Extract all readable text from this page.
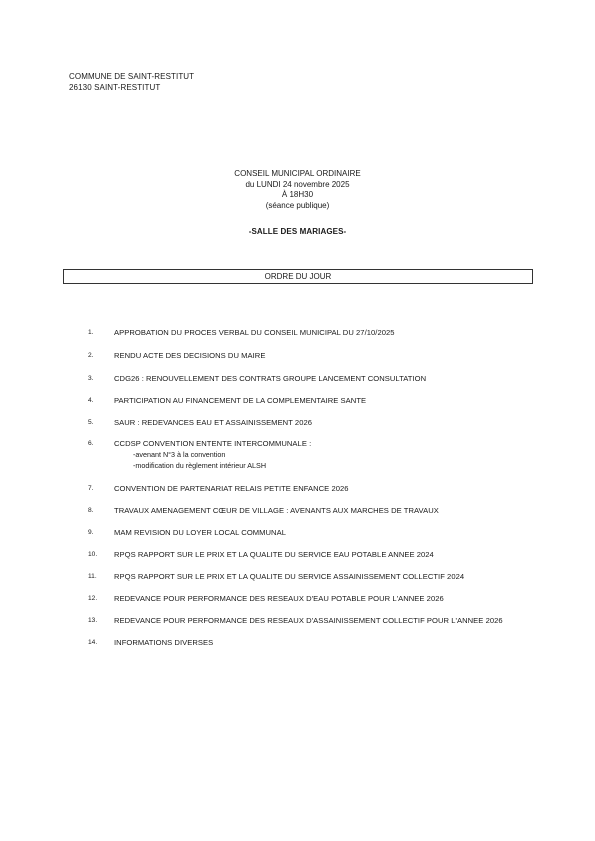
COMMUNE DE SAINT-RESTITUT
26130 SAINT-RESTITUT
CONSEIL MUNICIPAL ORDINAIRE
du LUNDI 24 novembre 2025
À 18H30
(séance publique)
-SALLE DES MARIAGES-
ORDRE DU JOUR
1.	APPROBATION DU PROCES VERBAL DU CONSEIL MUNICIPAL DU 27/10/2025
2.	RENDU ACTE DES DECISIONS DU MAIRE
3.	CDG26 : RENOUVELLEMENT DES CONTRATS GROUPE LANCEMENT CONSULTATION
4.	PARTICIPATION AU FINANCEMENT DE LA COMPLEMENTAIRE SANTE
5.	SAUR : REDEVANCES EAU ET ASSAINISSEMENT 2026
6.	CCDSP CONVENTION ENTENTE INTERCOMMUNALE :
-avenant N°3 à la convention
-modification du règlement intérieur ALSH
7.	CONVENTION DE PARTENARIAT RELAIS PETITE ENFANCE 2026
8.	TRAVAUX AMENAGEMENT CŒUR DE VILLAGE : AVENANTS AUX MARCHES DE TRAVAUX
9.	MAM REVISION DU LOYER LOCAL COMMUNAL
10.	RPQS RAPPORT SUR LE PRIX ET LA QUALITE DU SERVICE EAU POTABLE ANNEE 2024
11.	RPQS RAPPORT SUR LE PRIX ET LA QUALITE DU SERVICE ASSAINISSEMENT COLLECTIF 2024
12.	REDEVANCE POUR PERFORMANCE DES RESEAUX D'EAU POTABLE POUR L'ANNEE 2026
13.	REDEVANCE POUR PERFORMANCE DES RESEAUX D'ASSAINISSEMENT COLLECTIF POUR L'ANNEE 2026
14.	INFORMATIONS DIVERSES
